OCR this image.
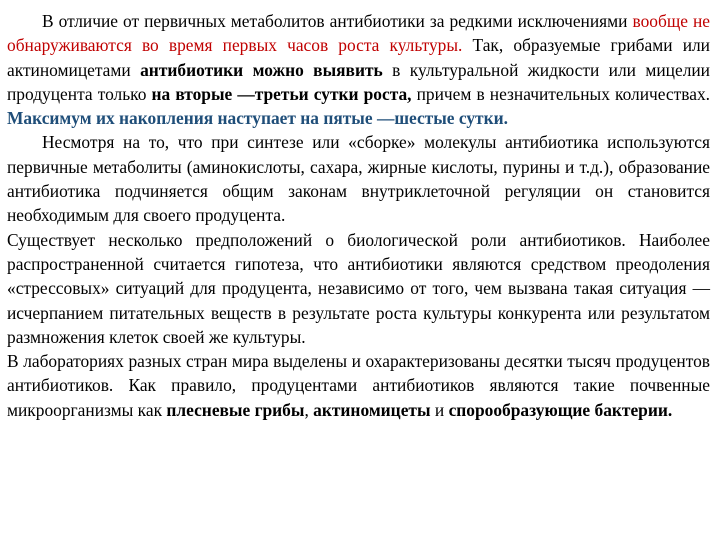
В отличие от первичных метаболитов антибиотики за редкими исключениями вообще не обнаруживаются во время первых часов роста культуры. Так, образуемые грибами или актиномицетами антибиотики можно выявить в культуральной жидкости или мицелии продуцента только на вторые —третьи сутки роста, причем в незначительных количествах. Максимум их накопления наступает на пятые —шестые сутки.

Несмотря на то, что при синтезе или «сборке» молекулы антибиотика используются первичные метаболиты (аминокислоты, сахара, жирные кислоты, пурины и т.д.), образование антибиотика подчиняется общим законам внутриклеточной регуляции он становится необходимым для своего продуцента.

Существует несколько предположений о биологической роли антибиотиков. Наиболее распространенной считается гипотеза, что антибиотики являются средством преодоления «стрессовых» ситуаций для продуцента, независимо от того, чем вызвана такая ситуация — исчерпанием питательных веществ в результате роста культуры конкурента или результатом размножения клеток своей же культуры.

В лабораториях разных стран мира выделены и охарактеризованы десятки тысяч продуцентов антибиотиков. Как правило, продуцентами антибиотиков являются такие почвенные микроорганизмы как плесневые грибы, актиномицеты и спорообразующие бактерии.
